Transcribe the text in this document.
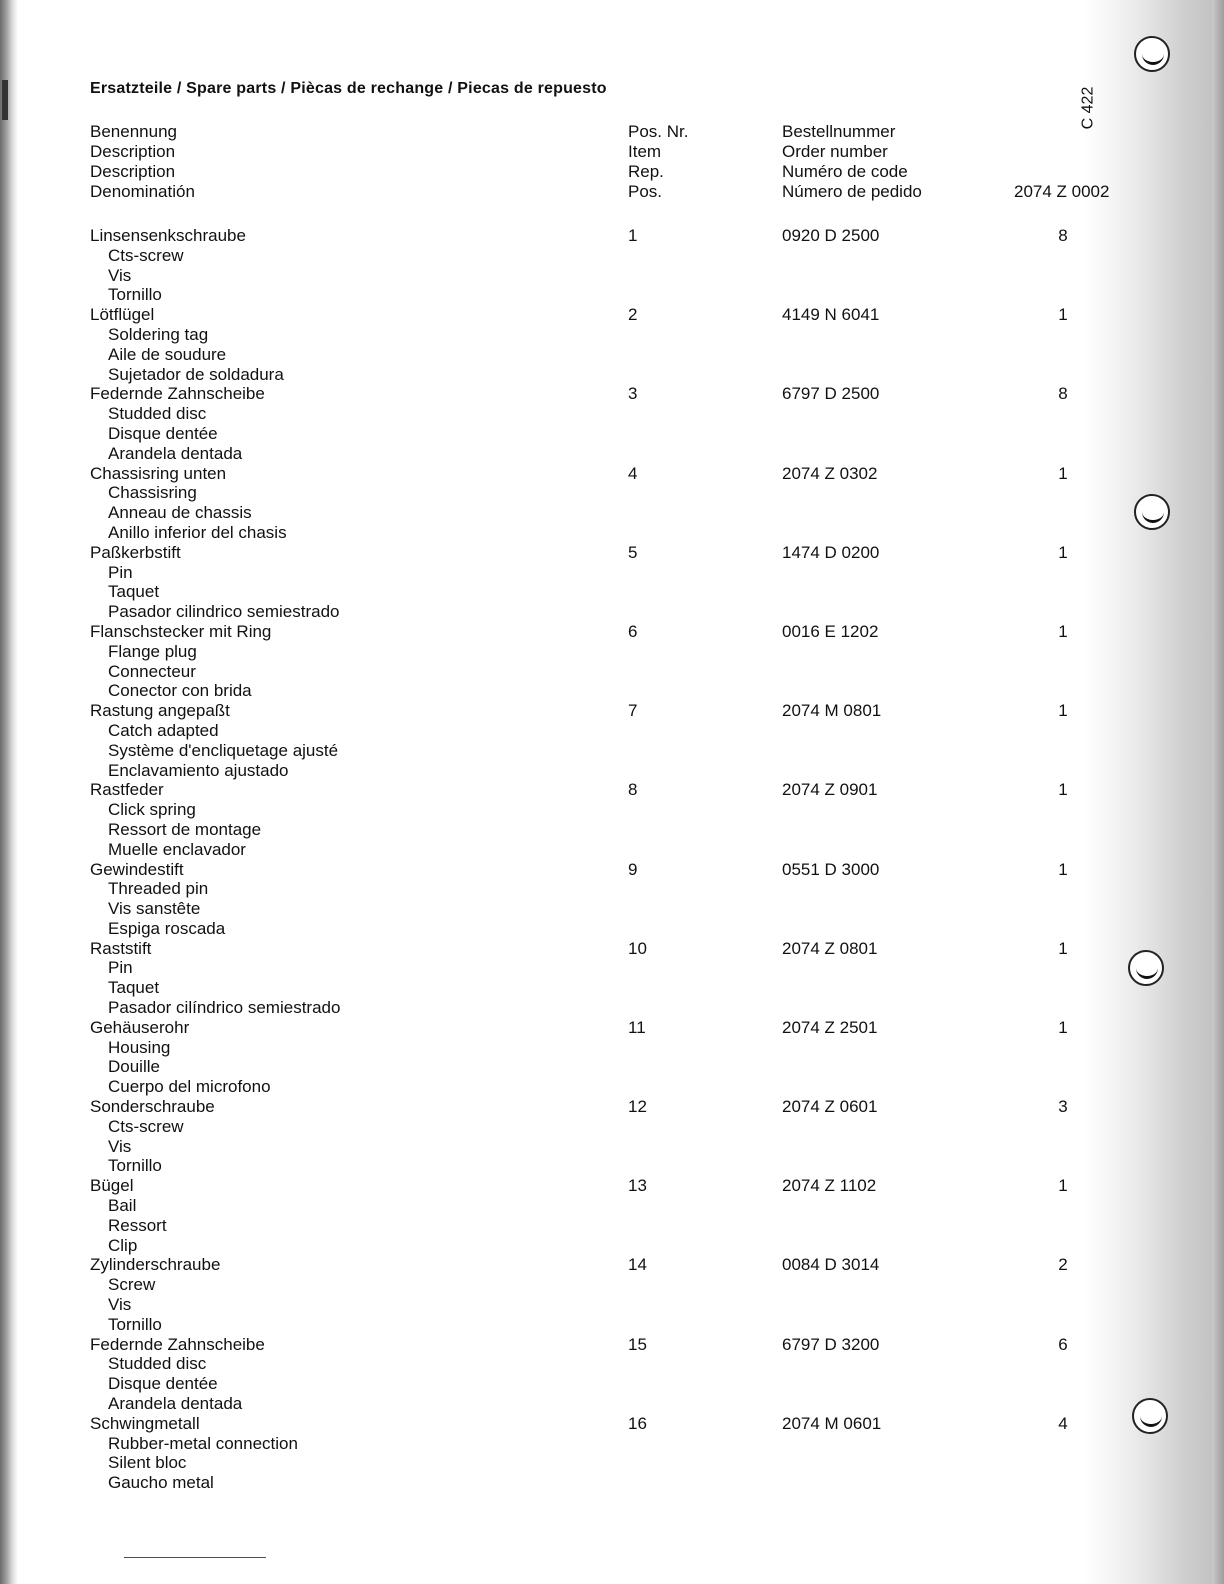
Ersatzteile / Spare parts / Piècas de rechange / Piecas de repuesto	C 422
Benennung	Pos. Nr.	Bestellnummer
Description	Item	Order number
Description	Rep.	Numéro de code
Denominatión	Pos.	Número de pedido	2074 Z 0002
Linsensenkschraube	1	0920 D 2500	8
Cts-screw
Vis
Tornillo
Lötflügel	2	4149 N 6041	1
Soldering tag
Aile de soudure
Sujetador de soldadura
Federnde Zahnscheibe	3	6797 D 2500	8
Studded disc
Disque dentée
Arandela dentada
Chassisring unten	4	2074 Z 0302	1
Chassisring
Anneau de chassis
Anillo inferior del chasis
Paßkerbstift	5	1474 D 0200	1
Pin
Taquet
Pasador cilindrico semiestrado
Flanschstecker mit Ring	6	0016 E 1202	1
Flange plug
Connecteur
Conector con brida
Rastung angepaßt	7	2074 M 0801	1
Catch adapted
Système d'encliquetage ajusté
Enclavamiento ajustado
Rastfeder	8	2074 Z 0901	1
Click spring
Ressort de montage
Muelle enclavador
Gewindestift	9	0551 D 3000	1
Threaded pin
Vis sanstête
Espiga roscada
Raststift	10	2074 Z 0801	1
Pin
Taquet
Pasador cilíndrico semiestrado
Gehäuserohr	11	2074 Z 2501	1
Housing
Douille
Cuerpo del microfono
Sonderschraube	12	2074 Z 0601	3
Cts-screw
Vis
Tornillo
Bügel	13	2074 Z 1102	1
Bail
Ressort
Clip
Zylinderschraube	14	0084 D 3014	2
Screw
Vis
Tornillo
Federnde Zahnscheibe	15	6797 D 3200	6
Studded disc
Disque dentée
Arandela dentada
Schwingmetall	16	2074 M 0601	4
Rubber-metal connection
Silent bloc
Gaucho metal
